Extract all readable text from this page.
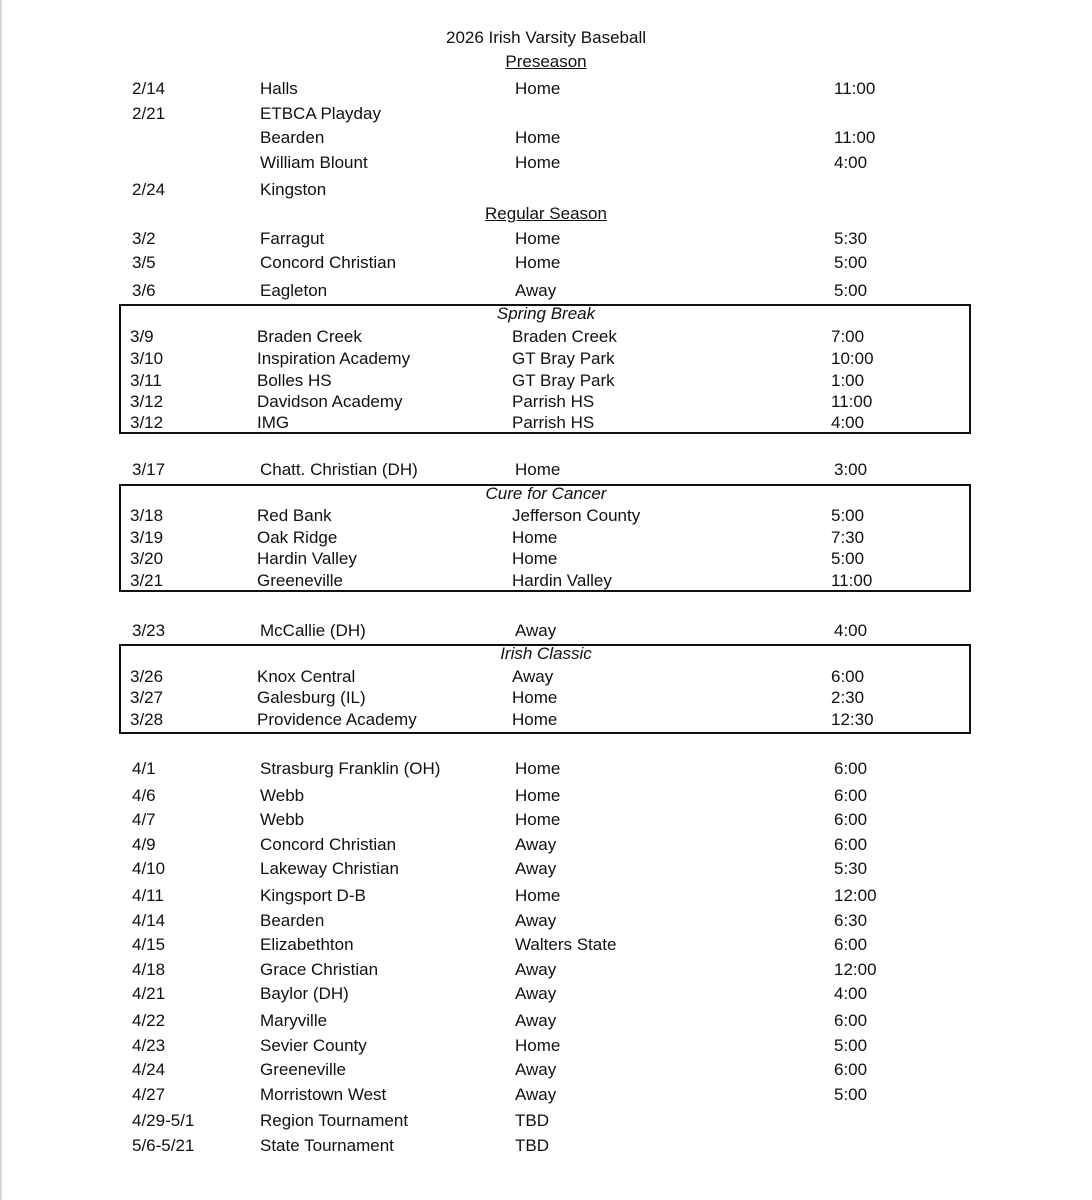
2026 Irish Varsity Baseball
Preseason
2/14	Halls	Home	11:00
2/21	ETBCA Playday
Bearden	Home	11:00
William Blount	Home	4:00
2/24	Kingston
Regular Season
3/2	Farragut	Home	5:30
3/5	Concord Christian	Home	5:00
3/6	Eagleton	Away	5:00
Spring Break
3/9	Braden Creek	Braden Creek	7:00
3/10	Inspiration Academy	GT Bray Park	10:00
3/11	Bolles HS	GT Bray Park	1:00
3/12	Davidson Academy	Parrish HS	11:00
3/12	IMG	Parrish HS	4:00
3/17	Chatt. Christian (DH)	Home	3:00
Cure for Cancer
3/18	Red Bank	Jefferson County	5:00
3/19	Oak Ridge	Home	7:30
3/20	Hardin Valley	Home	5:00
3/21	Greeneville	Hardin Valley	11:00
3/23	McCallie (DH)	Away	4:00
Irish Classic
3/26	Knox Central	Away	6:00
3/27	Galesburg (IL)	Home	2:30
3/28	Providence Academy	Home	12:30
4/1	Strasburg Franklin (OH)	Home	6:00
4/6	Webb	Home	6:00
4/7	Webb	Home	6:00
4/9	Concord Christian	Away	6:00
4/10	Lakeway Christian	Away	5:30
4/11	Kingsport D-B	Home	12:00
4/14	Bearden	Away	6:30
4/15	Elizabethton	Walters State	6:00
4/18	Grace Christian	Away	12:00
4/21	Baylor (DH)	Away	4:00
4/22	Maryville	Away	6:00
4/23	Sevier County	Home	5:00
4/24	Greeneville	Away	6:00
4/27	Morristown West	Away	5:00
4/29-5/1	Region Tournament	TBD
5/6-5/21	State Tournament	TBD
